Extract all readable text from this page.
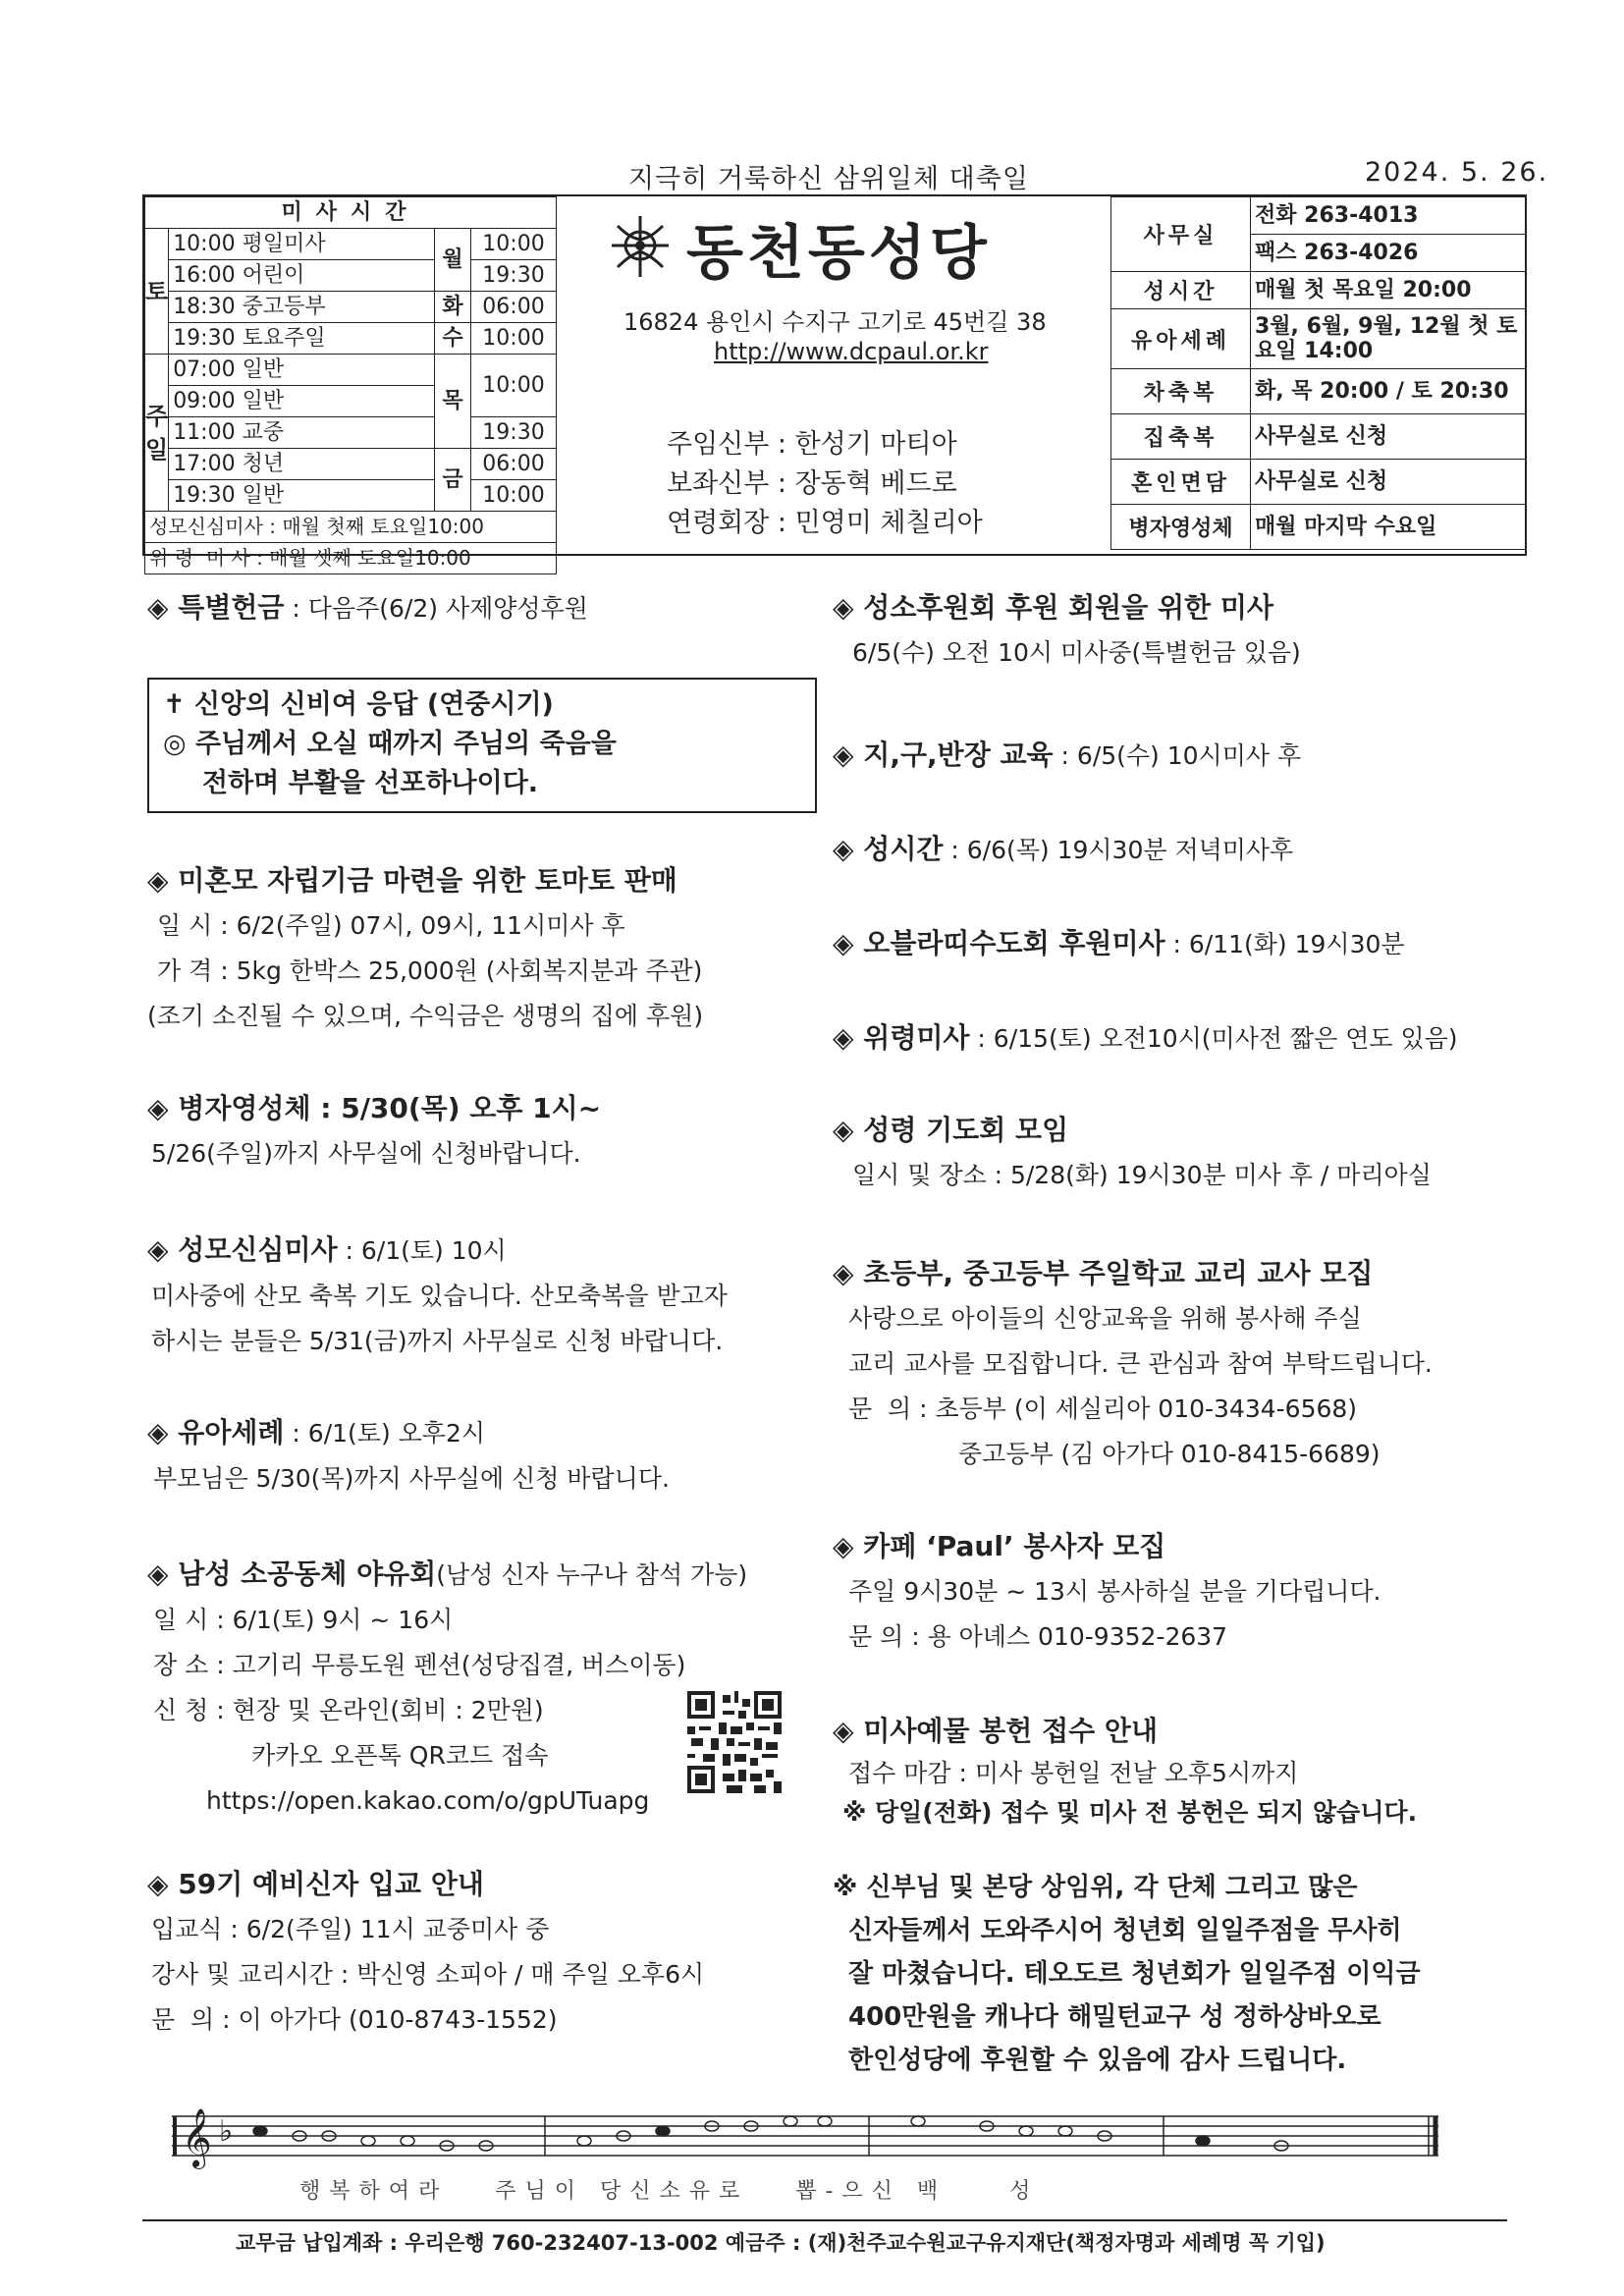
지극히 거룩하신 삼위일체 대축일	2024. 5. 26.
미사시간			
토	10:00 평일미사	월	10:00
	16:00 어린이		19:30
	18:30 중고등부	화	06:00
	19:30 토요주일	수	10:00
주일	07:00 일반	목	10:00
	09:00 일반		
	11:00 교중		19:30
	17:00 청년	금	06:00
	19:30 일반		10:00
성모신심미사 : 매월 첫째 토요일10:00			
위 령  미 사 : 매월 셋째 토요일10:00			
동천동성당
16824 용인시 수지구 고기로 45번길 38
http://www.dcpaul.or.kr
주임신부 : 한성기 마티아
보좌신부 : 장동혁 베드로
연령회장 : 민영미 체칠리아
사무실	전화 263-4013
	팩스 263-4026
성시간	매월 첫 목요일 20:00
유아세례	3월, 6월, 9월, 12월 첫 토요일 14:00
차축복	화, 목 20:00 / 토 20:30
집축복	사무실로 신청
혼인면담	사무실로 신청
병자영성체	매월 마지막 수요일
◈ 특별헌금 : 다음주(6/2) 사제양성후원
✝ 신앙의 신비여 응답 (연중시기)
◎ 주님께서 오실 때까지 주님의 죽음을
전하며 부활을 선포하나이다.
◈ 미혼모 자립기금 마련을 위한 토마토 판매
일 시 : 6/2(주일) 07시, 09시, 11시미사 후
가 격 : 5kg 한박스 25,000원 (사회복지분과 주관)
(조기 소진될 수 있으며, 수익금은 생명의 집에 후원)
◈ 병자영성체 : 5/30(목) 오후 1시~
5/26(주일)까지 사무실에 신청바랍니다.
◈ 성모신심미사 : 6/1(토) 10시
미사중에 산모 축복 기도 있습니다. 산모축복을 받고자
하시는 분들은 5/31(금)까지 사무실로 신청 바랍니다.
◈ 유아세례 : 6/1(토) 오후2시
부모님은 5/30(목)까지 사무실에 신청 바랍니다.
◈ 남성 소공동체 야유회(남성 신자 누구나 참석 가능)
일 시 : 6/1(토) 9시 ~ 16시
장 소 : 고기리 무릉도원 펜션(성당집결, 버스이동)
신 청 : 현장 및 온라인(회비 : 2만원)
카카오 오픈톡 QR코드 접속
https://open.kakao.com/o/gpUTuapg
◈ 59기 예비신자 입교 안내
입교식 : 6/2(주일) 11시 교중미사 중
강사 및 교리시간 : 박신영 소피아 / 매 주일 오후6시
문  의 : 이 아가다 (010-8743-1552)
◈ 성소후원회 후원 회원을 위한 미사
6/5(수) 오전 10시 미사중(특별헌금 있음)
◈ 지,구,반장 교육 : 6/5(수) 10시미사 후
◈ 성시간 : 6/6(목) 19시30분 저녁미사후
◈ 오블라띠수도회 후원미사 : 6/11(화) 19시30분
◈ 위령미사 : 6/15(토) 오전10시(미사전 짧은 연도 있음)
◈ 성령 기도회 모임
일시 및 장소 : 5/28(화) 19시30분 미사 후 / 마리아실
◈ 초등부, 중고등부 주일학교 교리 교사 모집
사랑으로 아이들의 신앙교육을 위해 봉사해 주실
교리 교사를 모집합니다. 큰 관심과 참여 부탁드립니다.
문  의 : 초등부 (이 세실리아 010-3434-6568)
중고등부 (김 아가다 010-8415-6689)
◈ 카페 ‘Paul’ 봉사자 모집
주일 9시30분 ~ 13시 봉사하실 분을 기다립니다.
문 의 : 용 아녜스 010-9352-2637
◈ 미사예물 봉헌 접수 안내
접수 마감 : 미사 봉헌일 전날 오후5시까지
※ 당일(전화) 접수 및 미사 전 봉헌은 되지 않습니다.
※ 신부님 및 본당 상임위, 각 단체 그리고 많은
신자들께서 도와주시어 청년회 일일주점을 무사히
잘 마쳤습니다. 테오도르 청년회가 일일주점 이익금
400만원을 캐나다 해밀턴교구 성 정하상바오로
한인성당에 후원할 수 있음에 감사 드립니다.
𝄞 ♭
행복하여라   주님이 당신소유로   뽑-으신 백    성
교무금 납입계좌 : 우리은행 760-232407-13-002 예금주 : (재)천주교수원교구유지재단(책정자명과 세례명 꼭 기입)
